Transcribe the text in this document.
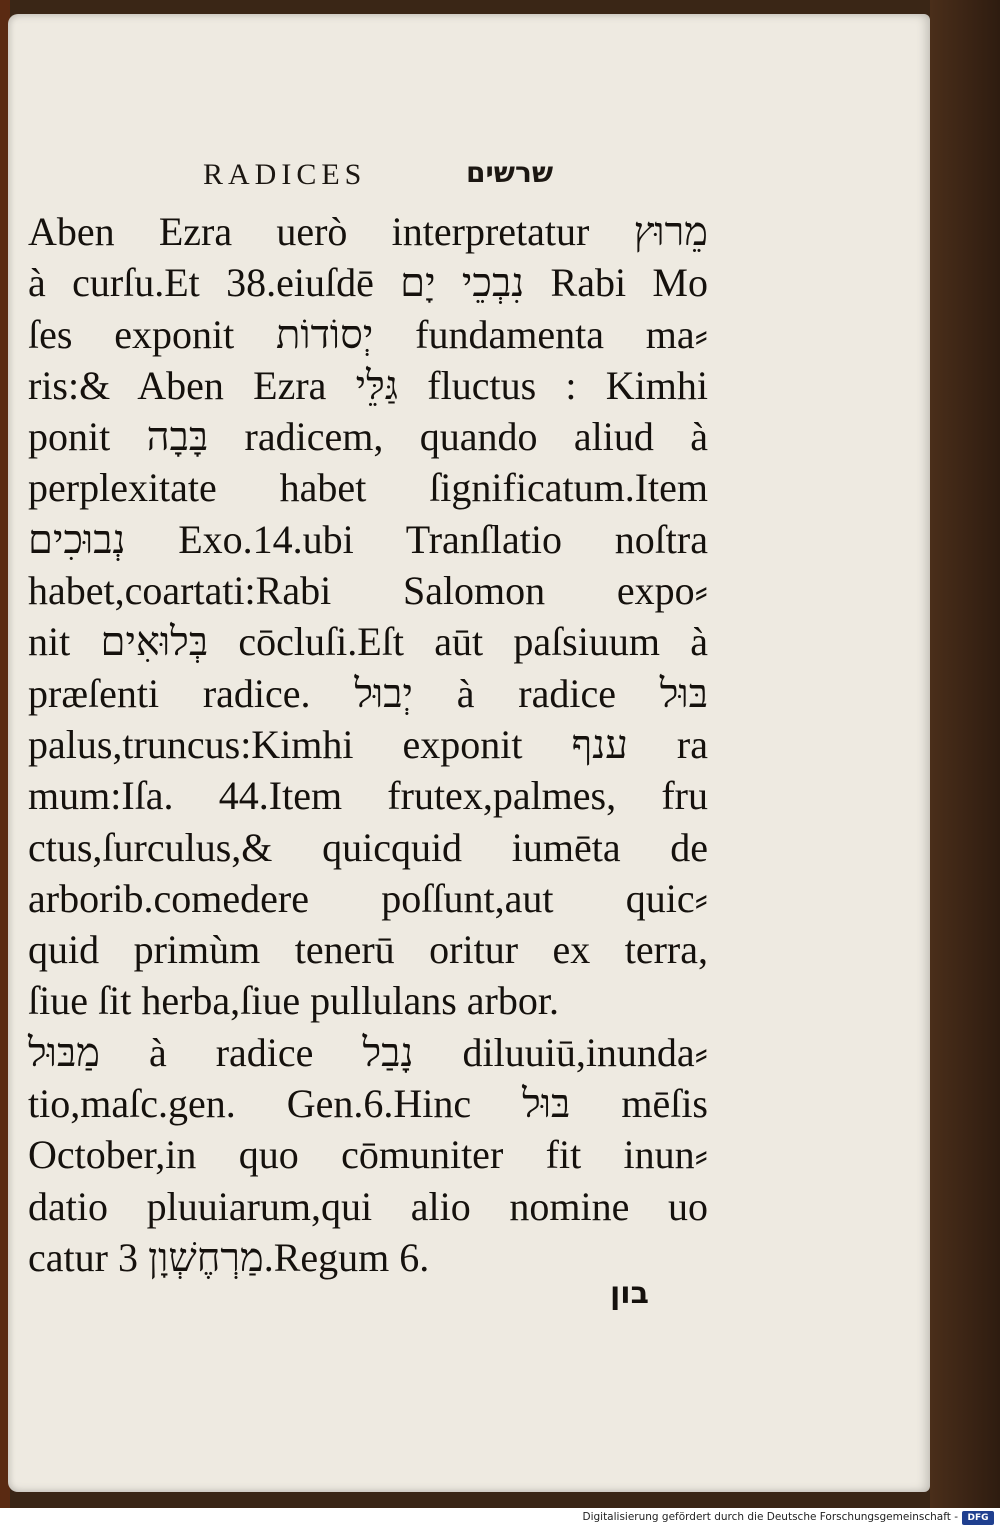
RADICES	שרשים
Aben Ezra uerò interpretatur מֵרוּץ
à curſu.Et 38.eiuſdē נִבְכֵי יָם Rabi Mo
ſes exponit יְסוֹדוֹת fundamenta ma⸗
ris:& Aben Ezra גַּלֵּי fluctus : Kimhi
ponit בָּבָה radicem, quando aliud à
perplexitate habet ſignificatum.Item
נְבוּכִים Exo.14.ubi Tranſlatio noſtra
habet,coartati:Rabi Salomon expo⸗
nit בְּלוּאִים cōcluſi.Eſt aūt paſsiuum à
præſenti radice. יְבוּל à radice בּוּל
palus,truncus:Kimhi exponit ענף ra
mum:Iſa. 44.Item frutex,palmes, fru
ctus,ſurculus,& quicquid iumēta de
arborib.comedere poſſunt,aut quic⸗
quid primùm tenerū oritur ex terra,
ſiue ſit herba,ſiue pullulans arbor.
מַבּוּל à radice נָבַל diluuiū,inunda⸗
tio,maſc.gen. Gen.6.Hinc בּוּל mēſis
October,in quo cōmuniter fit inun⸗
datio pluuiarum,qui alio nomine uo
catur מַרְחֶשְׁוָן 3.Regum 6.
בון
Digitalisierung gefördert durch die Deutsche Forschungsgemeinschaft -	DFG
